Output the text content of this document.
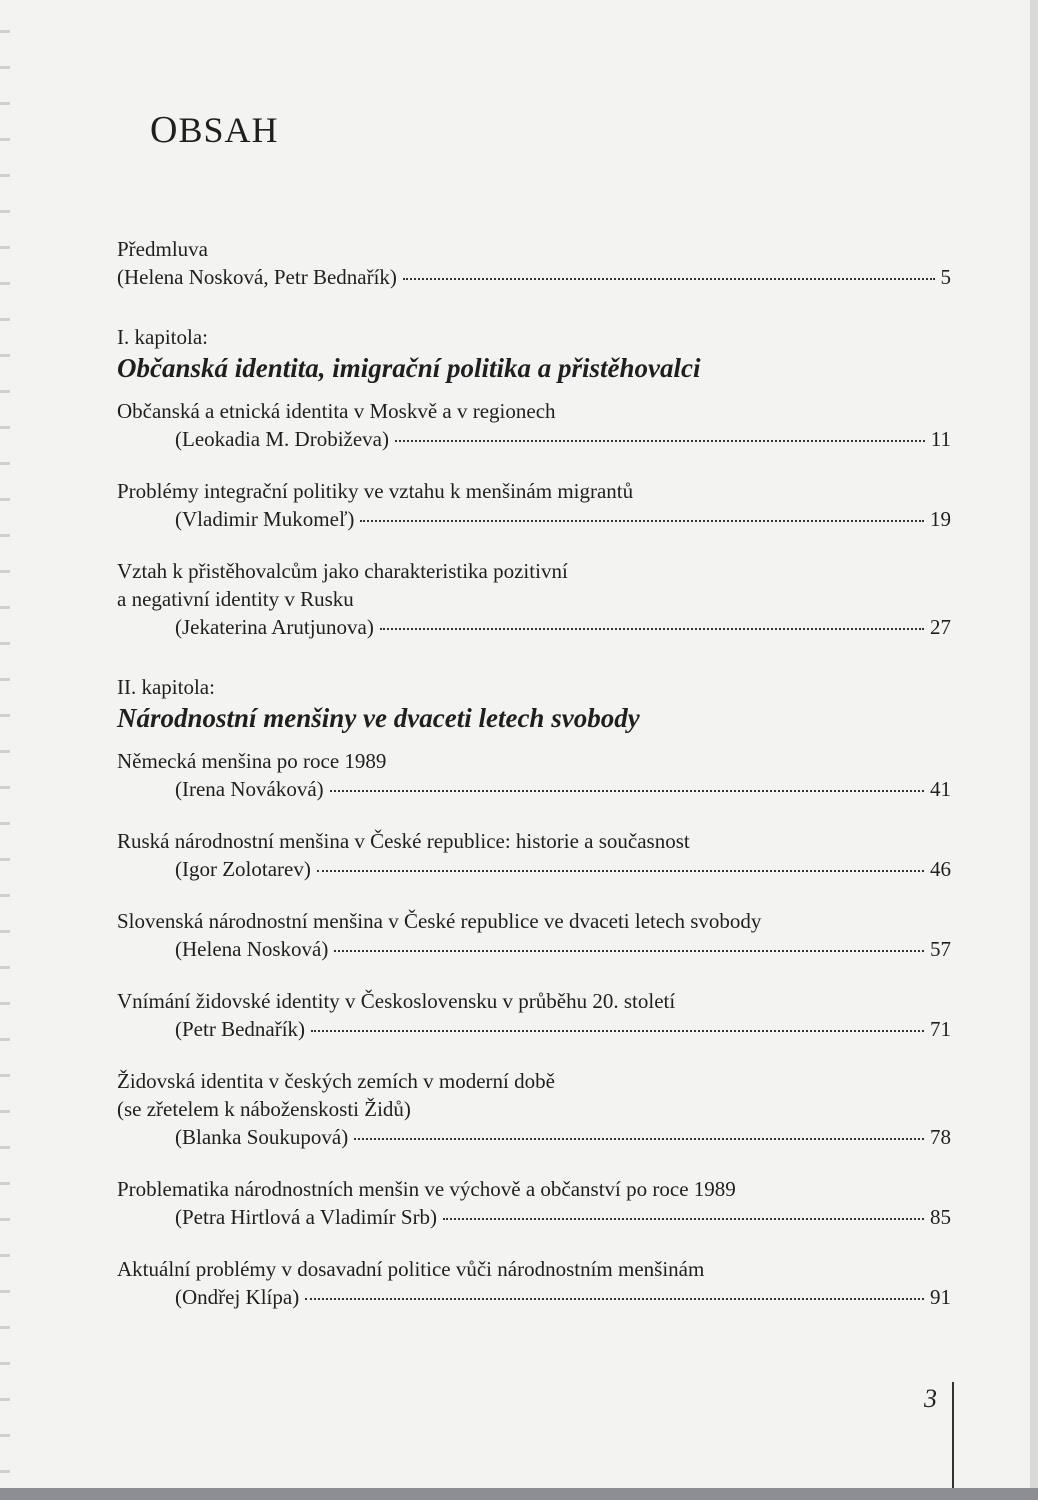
OBSAH
Předmluva
(Helena Nosková, Petr Bednařík)	5
I. kapitola:
Občanská identita, imigrační politika a přistěhovalci
Občanská a etnická identita v Moskvě a v regionech
(Leokadia M. Drobiževa)	11
Problémy integrační politiky ve vztahu k menšinám migrantů
(Vladimir Mukomeľ)	19
Vztah k přistěhovalcům jako charakteristika pozitivní
a negativní identity v Rusku
(Jekaterina Arutjunova)	27
II. kapitola:
Národnostní menšiny ve dvaceti letech svobody
Německá menšina po roce 1989
(Irena Nováková)	41
Ruská národnostní menšina v České republice: historie a současnost
(Igor Zolotarev)	46
Slovenská národnostní menšina v České republice ve dvaceti letech svobody
(Helena Nosková)	57
Vnímání židovské identity v Československu v průběhu 20. století
(Petr Bednařík)	71
Židovská identita v českých zemích v moderní době
(se zřetelem k náboženskosti Židů)
(Blanka Soukupová)	78
Problematika národnostních menšin ve výchově a občanství po roce 1989
(Petra Hirtlová a Vladimír Srb)	85
Aktuální problémy v dosavadní politice vůči národnostním menšinám
(Ondřej Klípa)	91
3
